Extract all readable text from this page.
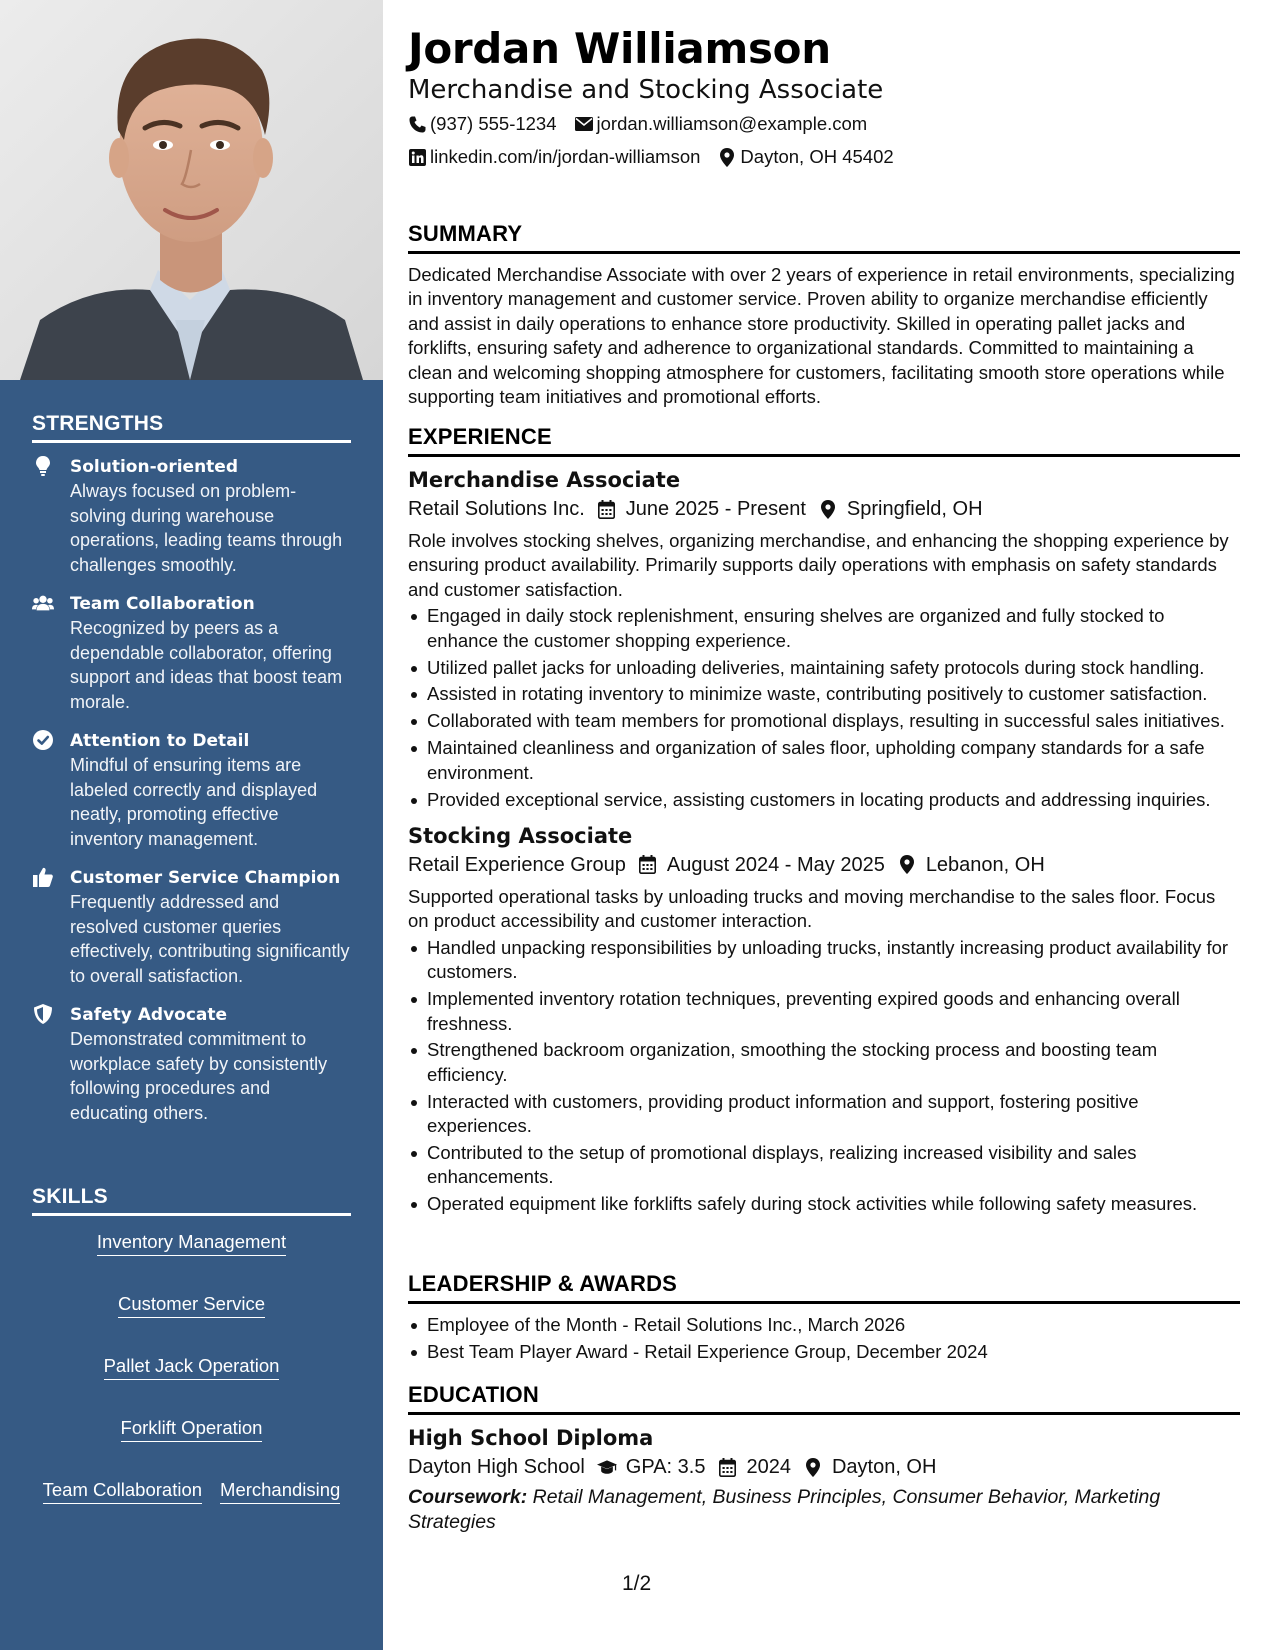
STRENGTHS
Solution-oriented
Always focused on problem-solving during warehouse operations, leading teams through challenges smoothly.
Team Collaboration
Recognized by peers as a dependable collaborator, offering support and ideas that boost team morale.
Attention to Detail
Mindful of ensuring items are labeled correctly and displayed neatly, promoting effective inventory management.
Customer Service Champion
Frequently addressed and resolved customer queries effectively, contributing significantly to overall satisfaction.
Safety Advocate
Demonstrated commitment to workplace safety by consistently following procedures and educating others.
SKILLS
Inventory Management
Customer Service
Pallet Jack Operation
Forklift Operation
Team Collaboration Merchandising
Jordan Williamson
Merchandise and Stocking Associate
(937) 555-1234 jordan.williamson@example.com
linkedin.com/in/jordan-williamson Dayton, OH 45402
SUMMARY
Dedicated Merchandise Associate with over 2 years of experience in retail environments, specializing in inventory management and customer service. Proven ability to organize merchandise efficiently and assist in daily operations to enhance store productivity. Skilled in operating pallet jacks and forklifts, ensuring safety and adherence to organizational standards. Committed to maintaining a clean and welcoming shopping atmosphere for customers, facilitating smooth store operations while supporting team initiatives and promotional efforts.
EXPERIENCE
Merchandise Associate
Retail Solutions Inc. June 2025 - Present Springfield, OH
Role involves stocking shelves, organizing merchandise, and enhancing the shopping experience by ensuring product availability. Primarily supports daily operations with emphasis on safety standards and customer satisfaction.
Engaged in daily stock replenishment, ensuring shelves are organized and fully stocked to enhance the customer shopping experience.
Utilized pallet jacks for unloading deliveries, maintaining safety protocols during stock handling.
Assisted in rotating inventory to minimize waste, contributing positively to customer satisfaction.
Collaborated with team members for promotional displays, resulting in successful sales initiatives.
Maintained cleanliness and organization of sales floor, upholding company standards for a safe environment.
Provided exceptional service, assisting customers in locating products and addressing inquiries.
Stocking Associate
Retail Experience Group August 2024 - May 2025 Lebanon, OH
Supported operational tasks by unloading trucks and moving merchandise to the sales floor. Focus on product accessibility and customer interaction.
Handled unpacking responsibilities by unloading trucks, instantly increasing product availability for customers.
Implemented inventory rotation techniques, preventing expired goods and enhancing overall freshness.
Strengthened backroom organization, smoothing the stocking process and boosting team efficiency.
Interacted with customers, providing product information and support, fostering positive experiences.
Contributed to the setup of promotional displays, realizing increased visibility and sales enhancements.
Operated equipment like forklifts safely during stock activities while following safety measures.
LEADERSHIP & AWARDS
Employee of the Month - Retail Solutions Inc., March 2026
Best Team Player Award - Retail Experience Group, December 2024
EDUCATION
High School Diploma
Dayton High School GPA: 3.5 2024 Dayton, OH
Coursework: Retail Management, Business Principles, Consumer Behavior, Marketing Strategies
1/2
